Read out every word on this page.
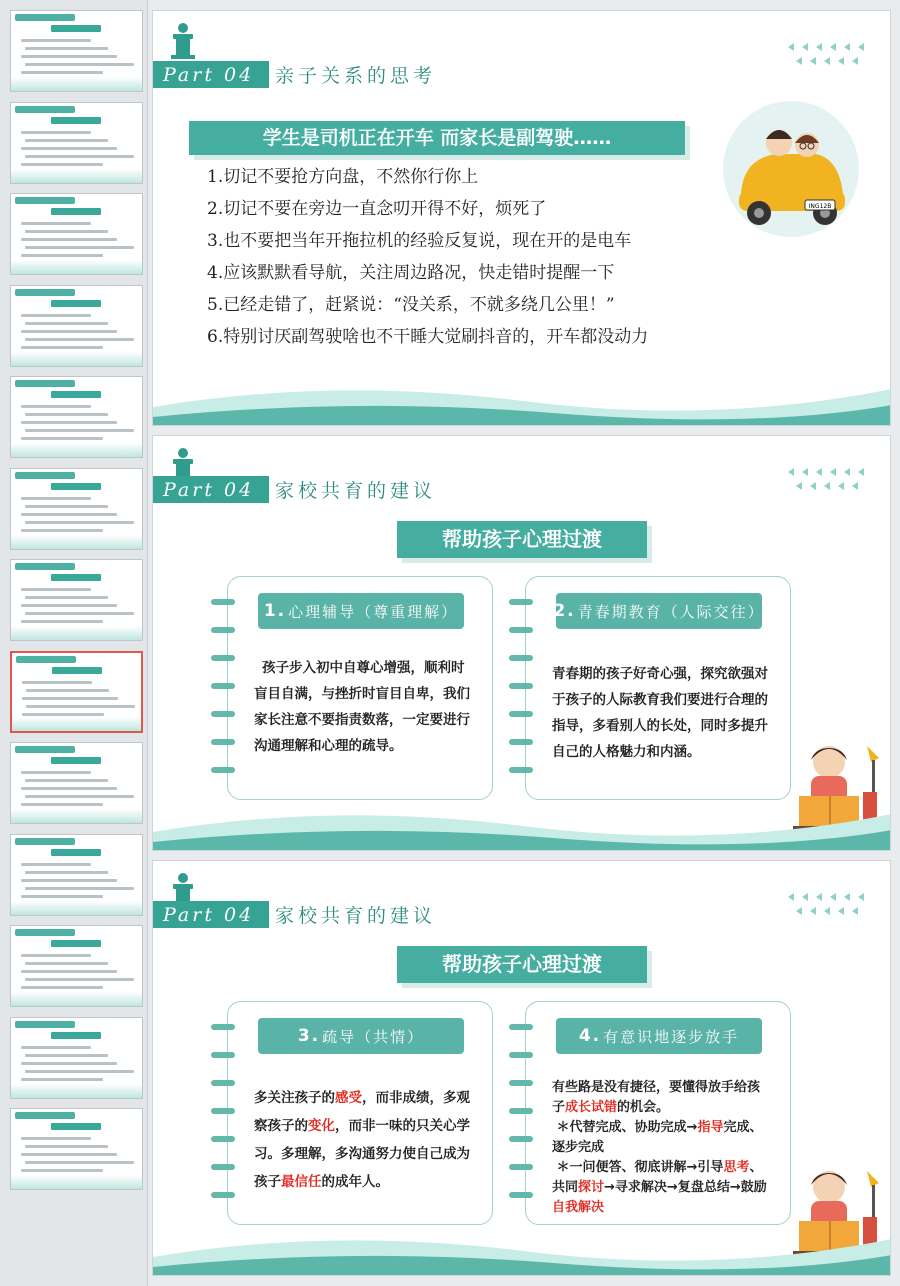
Part 04	亲子关系的思考
学生是司机正在开车 而家长是副驾驶……
ING12B
1.切记不要抢方向盘，不然你行你上
2.切记不要在旁边一直念叨开得不好，烦死了
3.也不要把当年开拖拉机的经验反复说，现在开的是电车
4.应该默默看导航，关注周边路况，快走错时提醒一下
5.已经走错了，赶紧说：“没关系，不就多绕几公里！”
6.特别讨厌副驾驶啥也不干睡大觉刷抖音的，开车都没动力
Part 04	家校共育的建议
帮助孩子心理过渡
1. 心理辅导（尊重理解）
孩子步入初中自尊心增强，顺利时盲目自满，与挫折时盲目自卑，我们家长注意不要指责数落，一定要进行沟通理解和心理的疏导。
2. 青春期教育（人际交往）
青春期的孩子好奇心强，探究欲强对于孩子的人际教育我们要进行合理的指导，多看别人的长处，同时多提升自己的人格魅力和内涵。
Part 04	家校共育的建议
帮助孩子心理过渡
3. 疏导（共情）
多关注孩子的感受，而非成绩，多观察孩子的变化，而非一味的只关心学习。多理解，多沟通努力使自己成为孩子最信任的成年人。
4. 有意识地逐步放手
有些路是没有捷径，要懂得放手给孩子成长试错的机会。
＊代替完成、协助完成→指导完成、逐步完成
＊一问便答、彻底讲解→引导思考、共同探讨→寻求解决→复盘总结→鼓励自我解决
